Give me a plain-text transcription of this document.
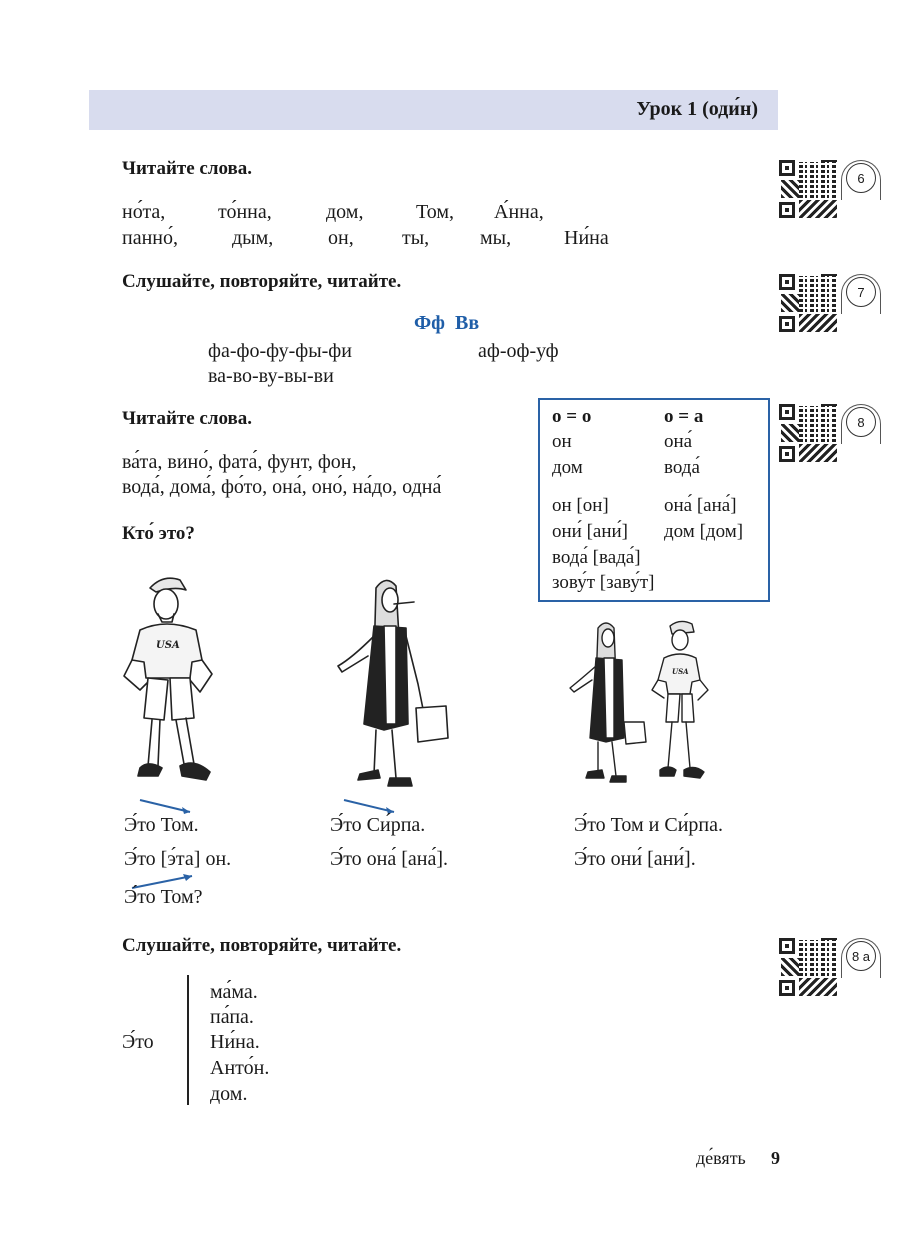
Урок 1 (оди́н)
6
7
8
8 а
Читайте слова.
но́та,	то́нна,	дом,	Том, А́нна,
панно́,	дым,	он, ты,	мы,	Ни́на
Слушайте, повторяйте, читайте.
Фф  Вв
фа-фо-фу-фы-фи	аф-оф-уф
ва-во-ву-вы-ви
Читайте слова.
ва́та, вино́, фата́, фунт, фон,
вода́, дома́, фо́то, она́, оно́, на́до, одна́
о = о	о = а
он	она́
дом	вода́
он [он]	она́ [ана́]
они́ [ани́] дом [дом]
вода́ [вада́]
зову́т [заву́т]
Кто́ это?
USA
USA
Э́то Том.
Э́то [э́та] он.
Э́то Том?
Э́то Си́рпа.
Э́то она́ [ана́].
Э́то Том и Си́рпа.
Э́то они́ [ани́].
Слушайте, повторяйте, читайте.
Э́то
ма́ма.
па́па.
Ни́на.
Анто́н.
дом.
де́вять 9
